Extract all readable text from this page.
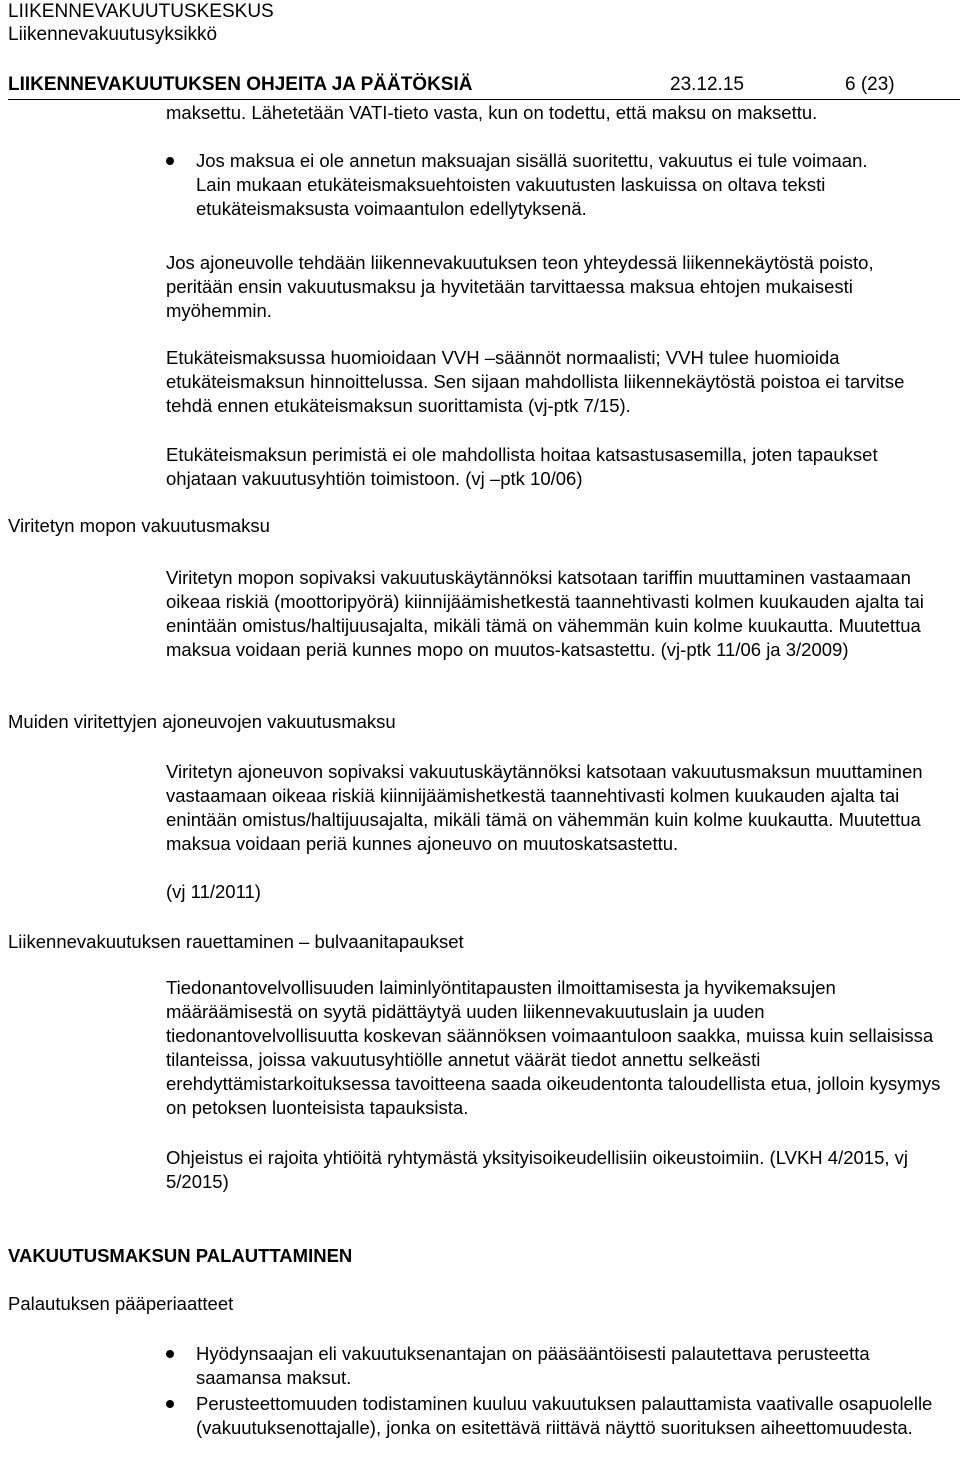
LIIKENNEVAKUUTUSKESKUS
Liikennevakuutusyksikkö
LIIKENNEVAKUUTUKSEN OHJEITA JA PÄÄTÖKSIÄ	23.12.15	6 (23)

maksettu. Lähetetään VATI-tieto vasta, kun on todettu, että maksu on maksettu.

Jos maksua ei ole annetun maksuajan sisällä suoritettu, vakuutus ei tule voimaan. Lain mukaan etukäteismaksuehtoisten vakuutusten laskuissa on oltava teksti etukäteismaksusta voimaantulon edellytyksenä.

Jos ajoneuvolle tehdään liikennevakuutuksen teon yhteydessä liikennekäytöstä poisto, peritään ensin vakuutusmaksu ja hyvitetään tarvittaessa maksua ehtojen mukaisesti myöhemmin.

Etukäteismaksussa huomioidaan VVH –säännöt normaalisti; VVH tulee huomioida etukäteismaksun hinnoittelussa. Sen sijaan mahdollista liikennekäytöstä poistoa ei tarvitse tehdä ennen etukäteismaksun suorittamista (vj-ptk 7/15).

Etukäteismaksun perimistä ei ole mahdollista hoitaa katsastusasemilla, joten tapaukset ohjataan vakuutusyhtiön toimistoon. (vj –ptk 10/06)

Viritetyn mopon vakuutusmaksu

Viritetyn mopon sopivaksi vakuutuskäytännöksi katsotaan tariffin muuttaminen vastaamaan oikeaa riskiä (moottoripyörä) kiinnijäämishetkestä taannehtivasti kolmen kuukauden ajalta tai enintään omistus/haltijuusajalta, mikäli tämä on vähemmän kuin kolme kuukautta. Muutettua maksua voidaan periä kunnes mopo on muutos-katsastettu. (vj-ptk 11/06 ja 3/2009)

Muiden viritettyjen ajoneuvojen vakuutusmaksu

Viritetyn ajoneuvon sopivaksi vakuutuskäytännöksi katsotaan vakuutusmaksun muuttaminen vastaamaan oikeaa riskiä kiinnijäämishetkestä taannehtivasti kolmen kuukauden ajalta tai enintään omistus/haltijuusajalta, mikäli tämä on vähemmän kuin kolme kuukautta. Muutettua maksua voidaan periä kunnes ajoneuvo on muutoskatsastettu.

(vj 11/2011)

Liikennevakuutuksen rauettaminen – bulvaanitapaukset

Tiedonantovelvollisuuden laiminlyöntitapausten ilmoittamisesta ja hyvikemaksujen määräämisestä on syytä pidättäytyä uuden liikennevakuutuslain ja uuden tiedonantovelvollisuutta koskevan säännöksen voimaantuloon saakka, muissa kuin sellaisissa tilanteissa, joissa vakuutusyhtiölle annetut väärät tiedot annettu selkeästi erehdyttämistarkoituksessa tavoitteena saada oikeudentonta taloudellista etua, jolloin kysymys on petoksen luonteisista tapauksista.

Ohjeistus ei rajoita yhtiöitä ryhtymästä yksityisoikeudellisiin oikeustoimiin. (LVKH 4/2015, vj 5/2015)

VAKUUTUSMAKSUN PALAUTTAMINEN
Palautuksen pääperiaatteet
Hyödynsaajan eli vakuutuksenantajan on pääsääntöisesti palautettava perusteetta saamansa maksut.
Perusteettomuuden todistaminen kuuluu vakuutuksen palauttamista vaativalle osapuolelle (vakuutuksenottajalle), jonka on esitettävä riittävä näyttö suorituksen aiheettomuudesta.
